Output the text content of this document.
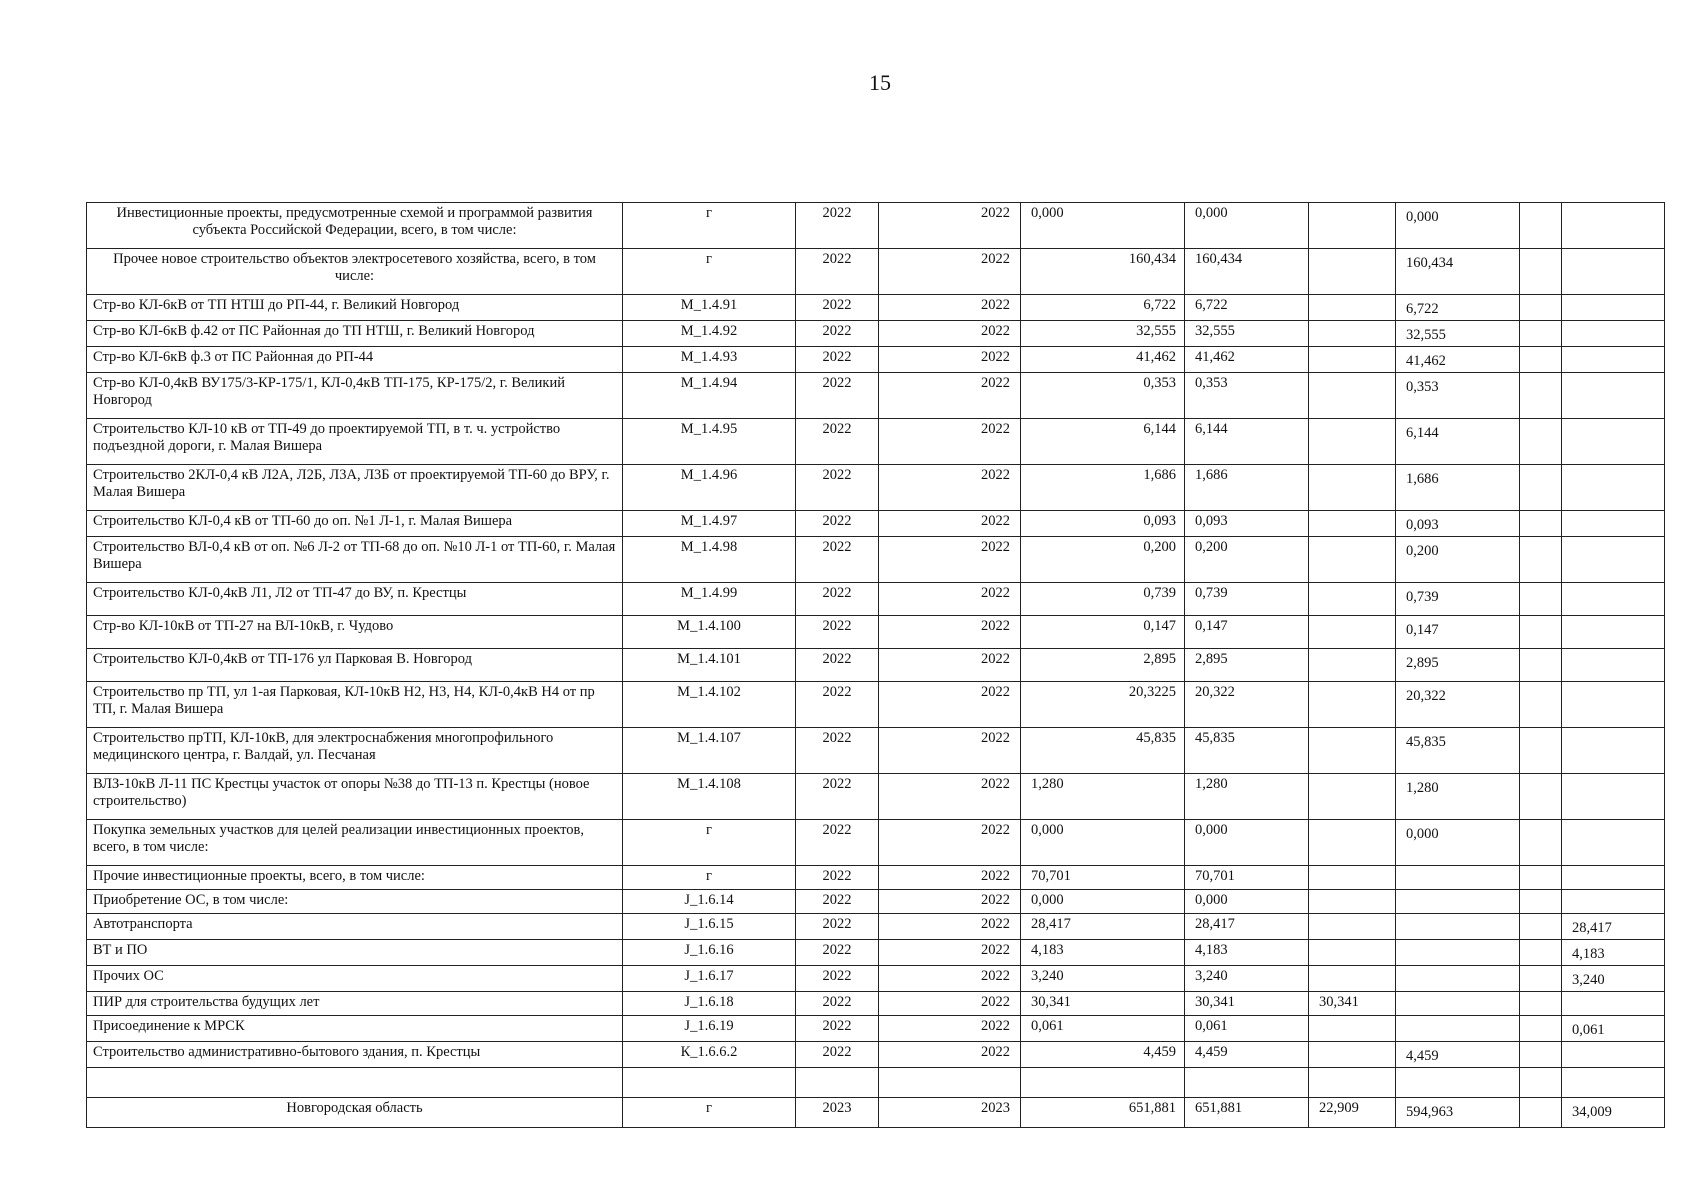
15
Инвестиционные проекты, предусмотренные схемой и программой развития субъекта Российской Федерации, всего, в том числе:	г	2022	2022	0,000	0,000		0,000		
Прочее новое строительство объектов электросетевого хозяйства, всего, в том числе:	г	2022	2022	160,434	160,434		160,434		
Стр-во КЛ-6кВ от ТП НТШ до РП-44, г. Великий Новгород	М_1.4.91	2022	2022	6,722	6,722		6,722		
Стр-во КЛ-6кВ ф.42 от ПС Районная до ТП НТШ, г. Великий Новгород	М_1.4.92	2022	2022	32,555	32,555		32,555		
Стр-во КЛ-6кВ ф.3 от ПС Районная до РП-44	М_1.4.93	2022	2022	41,462	41,462		41,462		
Стр-во КЛ-0,4кВ ВУ175/3-КР-175/1, КЛ-0,4кВ ТП-175, КР-175/2, г. Великий Новгород	М_1.4.94	2022	2022	0,353	0,353		0,353		
Строительство КЛ-10 кВ от ТП-49 до проектируемой ТП, в т. ч. устройство подъездной дороги, г. Малая Вишера	М_1.4.95	2022	2022	6,144	6,144		6,144		
Строительство 2КЛ-0,4 кВ Л2А, Л2Б, Л3А, Л3Б от проектируемой ТП-60 до ВРУ, г. Малая Вишера	М_1.4.96	2022	2022	1,686	1,686		1,686		
Строительство КЛ-0,4 кВ от ТП-60 до оп. №1 Л-1, г. Малая Вишера	М_1.4.97	2022	2022	0,093	0,093		0,093		
Строительство ВЛ-0,4 кВ от оп. №6 Л-2 от ТП-68 до оп. №10 Л-1 от ТП-60, г. Малая Вишера	М_1.4.98	2022	2022	0,200	0,200		0,200		
Строительство КЛ-0,4кВ Л1, Л2 от ТП-47 до ВУ, п. Крестцы	М_1.4.99	2022	2022	0,739	0,739		0,739		
Стр-во КЛ-10кВ от ТП-27 на ВЛ-10кВ, г. Чудово	М_1.4.100	2022	2022	0,147	0,147		0,147		
Строительство КЛ-0,4кВ от ТП-176 ул Парковая В. Новгород	М_1.4.101	2022	2022	2,895	2,895		2,895		
Строительство пр ТП, ул 1-ая Парковая, КЛ-10кВ Н2, Н3, Н4, КЛ-0,4кВ Н4 от пр ТП, г. Малая Вишера	М_1.4.102	2022	2022	20,3225	20,322		20,322		
Строительство прТП, КЛ-10кВ, для электроснабжения многопрофильного медицинского центра, г. Валдай, ул. Песчаная	М_1.4.107	2022	2022	45,835	45,835		45,835		
ВЛЗ-10кВ Л-11 ПС Крестцы участок от опоры №38 до ТП-13 п. Крестцы (новое строительство)	М_1.4.108	2022	2022	1,280	1,280		1,280		
Покупка земельных участков для целей реализации инвестиционных проектов, всего, в том числе:	г	2022	2022	0,000	0,000		0,000		
Прочие инвестиционные проекты, всего, в том числе:	г	2022	2022	70,701	70,701				
Приобретение ОС, в том числе:	J_1.6.14	2022	2022	0,000	0,000				
Автотранспорта	J_1.6.15	2022	2022	28,417	28,417				28,417
ВТ и ПО	J_1.6.16	2022	2022	4,183	4,183				4,183
Прочих ОС	J_1.6.17	2022	2022	3,240	3,240				3,240
ПИР для строительства будущих лет	J_1.6.18	2022	2022	30,341	30,341	30,341			
Присоединение к МРСК	J_1.6.19	2022	2022	0,061	0,061				0,061
Строительство административно-бытового здания, п. Крестцы	К_1.6.6.2	2022	2022	4,459	4,459		4,459		

Новгородская область	г	2023	2023	651,881	651,881	22,909	594,963		34,009
